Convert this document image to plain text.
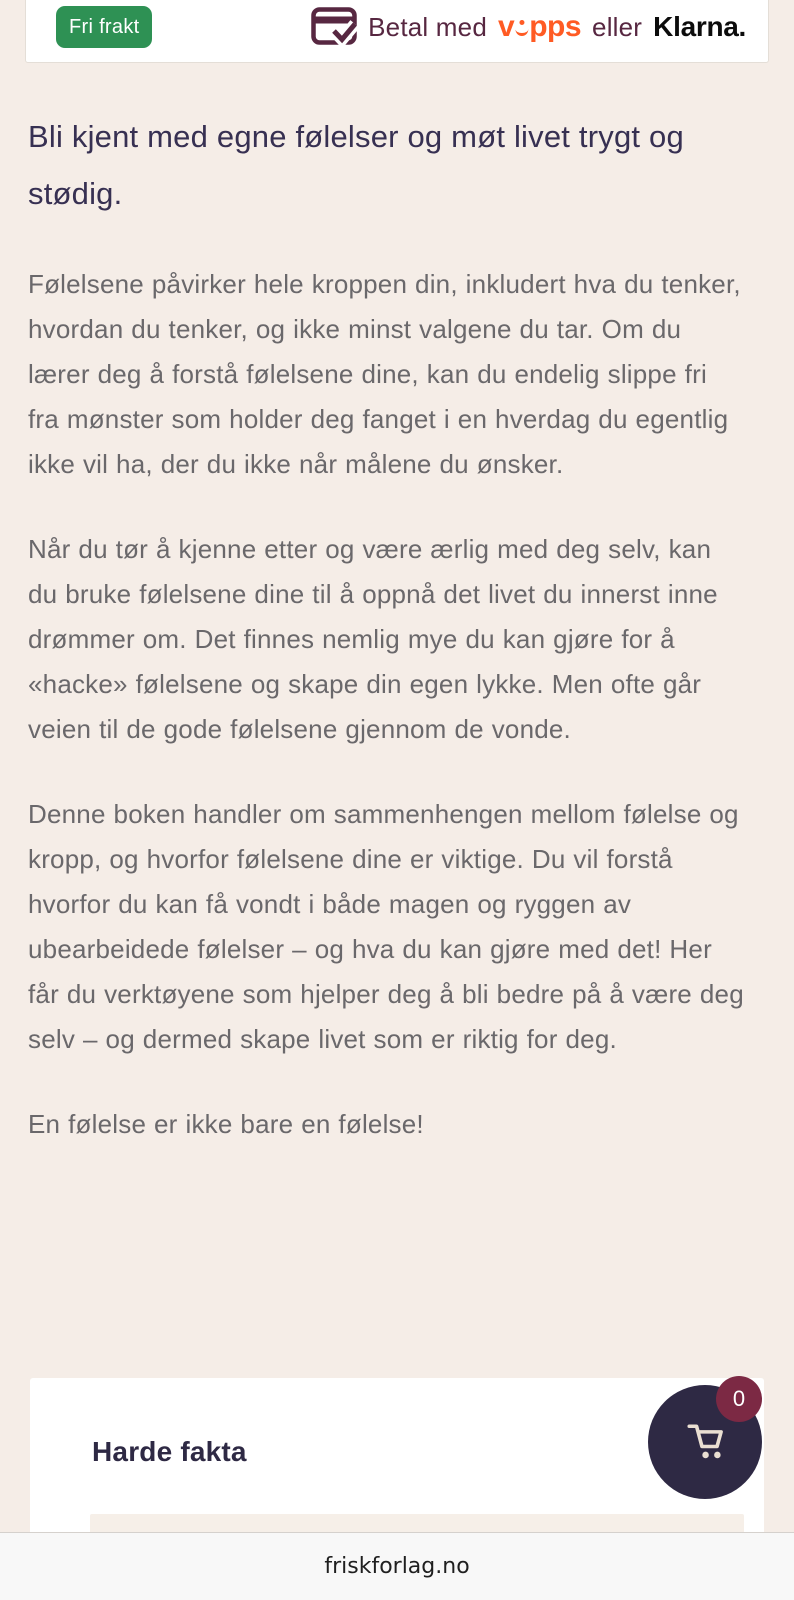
Fri frakt	Betal med v pps eller Klarna.
Bli kjent med egne følelser og møt livet trygt og stødig.

Følelsene påvirker hele kroppen din, inkludert hva du tenker, hvordan du tenker, og ikke minst valgene du tar. Om du lærer deg å forstå følelsene dine, kan du endelig slippe fri fra mønster som holder deg fanget i en hverdag du egentlig ikke vil ha, der du ikke når målene du ønsker.

Når du tør å kjenne etter og være ærlig med deg selv, kan du bruke følelsene dine til å oppnå det livet du innerst inne drømmer om. Det finnes nemlig mye du kan gjøre for å «hacke» følelsene og skape din egen lykke. Men ofte går veien til de gode følelsene gjennom de vonde.

Denne boken handler om sammenhengen mellom følelse og kropp, og hvorfor følelsene dine er viktige. Du vil forstå hvorfor du kan få vondt i både magen og ryggen av ubearbeidede følelser – og hva du kan gjøre med det! Her får du verktøyene som hjelper deg å bli bedre på å være deg selv – og dermed skape livet som er riktig for deg.

En følelse er ikke bare en følelse!

Harde fakta
0
friskforlag.no
